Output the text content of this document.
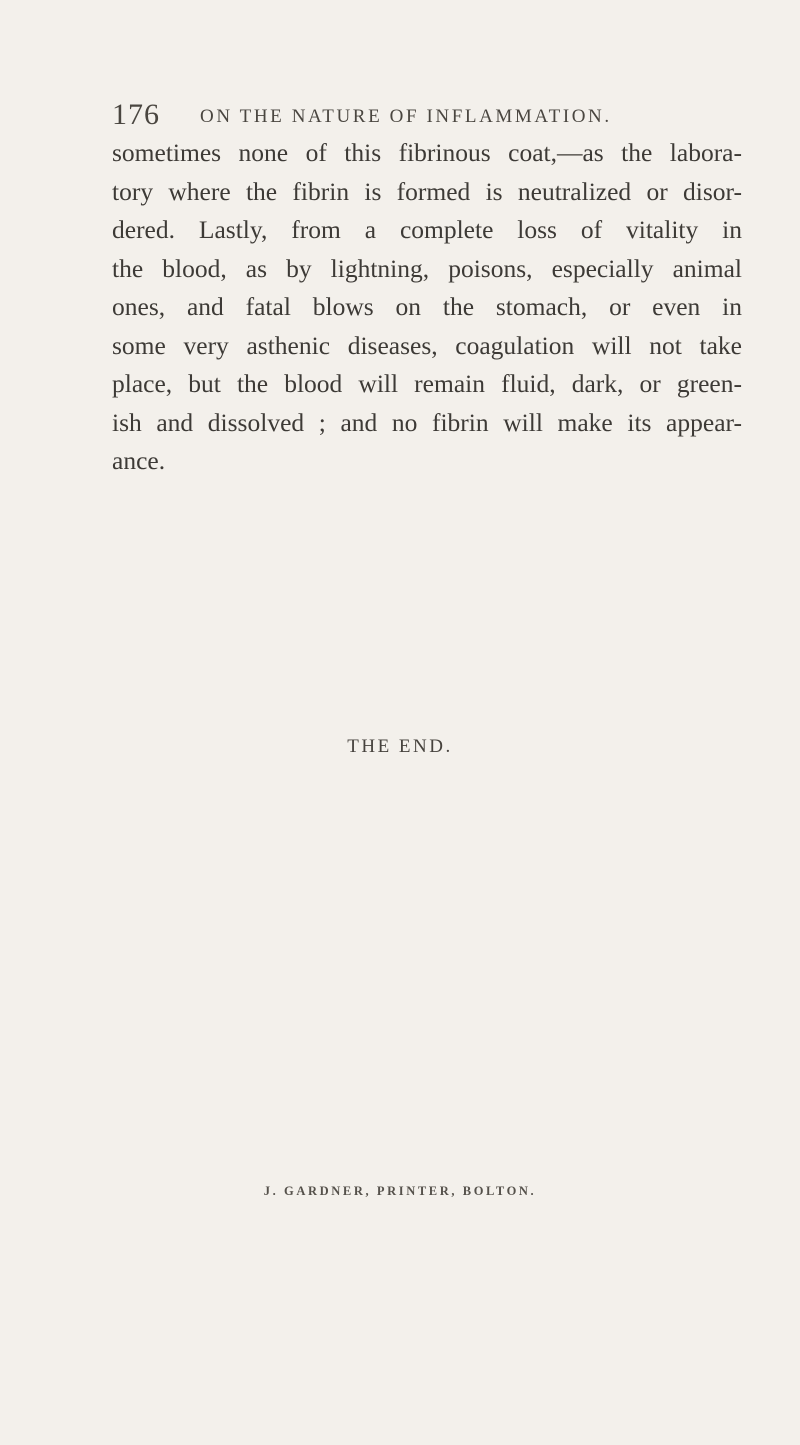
176 ON THE NATURE OF INFLAMMATION.
sometimes none of this fibrinous coat,—as the labora-
tory where the fibrin is formed is neutralized or disor-
dered. Lastly, from a complete loss of vitality in
the blood, as by lightning, poisons, especially animal
ones, and fatal blows on the stomach, or even in
some very asthenic diseases, coagulation will not take
place, but the blood will remain fluid, dark, or green-
ish and dissolved ; and no fibrin will make its appear-
ance.
THE END.
J. GARDNER, PRINTER, BOLTON.
